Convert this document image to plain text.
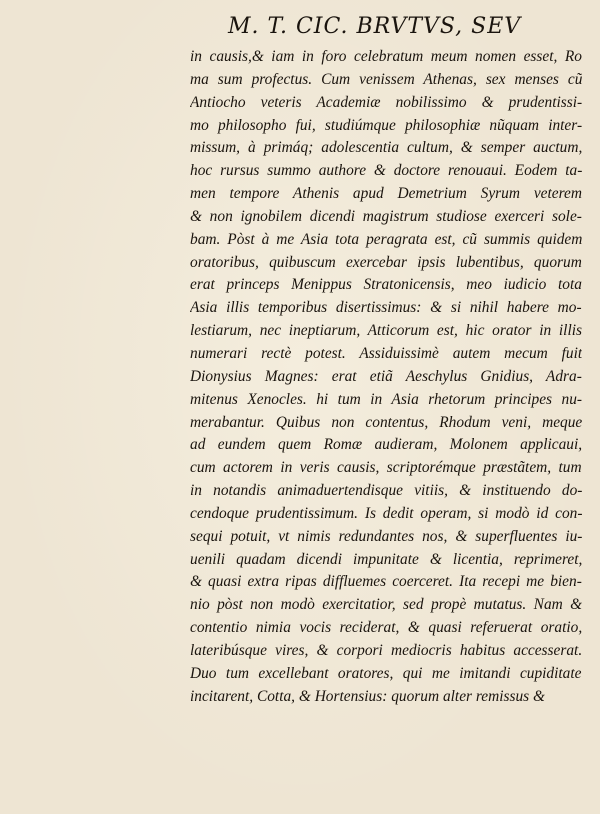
M. T. CIC. BRVTVS, SEV
in causis,& iam in foro celebratum meum nomen esset, Ro
ma sum profectus. Cum venissem Athenas, sex menses cũ
Antiocho veteris Academiæ nobilissimo & prudentissi-
mo philosopho fui, studiúmque philosophiæ nũquam inter-
missum, à primáq; adolescentia cultum, & semper auctum,
hoc rursus summo authore & doctore renouaui. Eodem ta-
men tempore Athenis apud Demetrium Syrum veterem
& non ignobilem dicendi magistrum studiose exerceri sole-
bam. Pòst à me Asia tota peragrata est, cũ summis quidem
oratoribus, quibuscum exercebar ipsis lubentibus, quorum
erat princeps Menippus Stratonicensis, meo iudicio tota
Asia illis temporibus disertissimus: & si nihil habere mo-
lestiarum, nec ineptiarum, Atticorum est, hic orator in illis
numerari rectè potest. Assiduissimè autem mecum fuit
Dionysius Magnes: erat etiã Aeschylus Gnidius, Adra-
mitenus Xenocles. hi tum in Asia rhetorum principes nu-
merabantur. Quibus non contentus, Rhodum veni, meque
ad eundem quem Romæ audieram, Molonem applicaui,
cum actorem in veris causis, scriptorémque præstãtem, tum
in notandis animaduertendisque vitiis, & instituendo do-
cendoque prudentissimum. Is dedit operam, si modò id con-
sequi potuit, vt nimis redundantes nos, & superfluentes iu-
uenili quadam dicendi impunitate & licentia, reprimeret,
& quasi extra ripas difflueтes coerceret. Ita recepi me bien-
nio pòst non modò exercitatior, sed propè mutatus. Nam &
contentio nimia vocis reciderat, & quasi referuerat oratio,
lateribúsque vires, & corpori mediocris habitus accesserat.
Duo tum excellebant oratores, qui me imitandi cupiditate
incitarent, Cotta, & Hortensius: quorum alter remissus &
